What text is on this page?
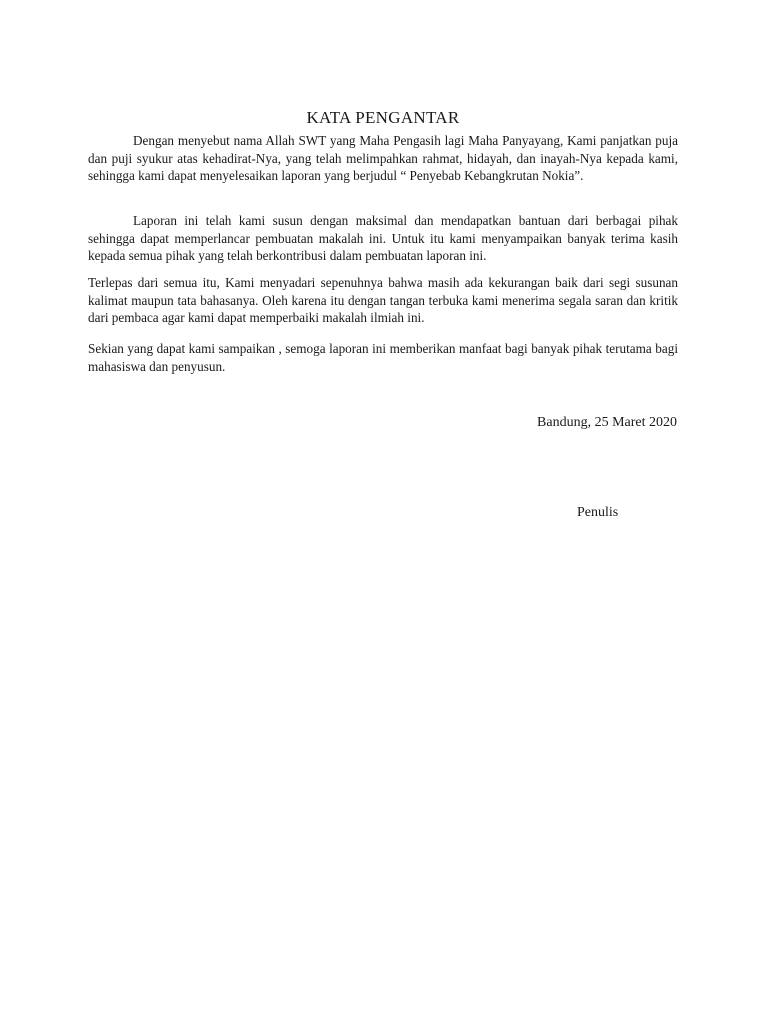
KATA PENGANTAR

Dengan menyebut nama Allah SWT yang Maha Pengasih lagi Maha Panyayang, Kami panjatkan puja dan puji syukur atas kehadirat-Nya, yang telah melimpahkan rahmat, hidayah, dan inayah-Nya kepada kami, sehingga kami dapat menyelesaikan laporan yang berjudul “ Penyebab Kebangkrutan Nokia”.

Laporan ini telah kami susun dengan maksimal dan mendapatkan bantuan dari berbagai pihak sehingga dapat memperlancar pembuatan makalah ini. Untuk itu kami menyampaikan banyak terima kasih kepada semua pihak yang telah berkontribusi dalam pembuatan laporan ini.

Terlepas dari semua itu, Kami menyadari sepenuhnya bahwa masih ada kekurangan baik dari segi susunan kalimat maupun tata bahasanya. Oleh karena itu dengan tangan terbuka kami menerima segala saran dan kritik dari pembaca agar kami dapat memperbaiki makalah ilmiah ini.

Sekian yang dapat kami sampaikan , semoga laporan ini memberikan manfaat bagi banyak pihak terutama bagi mahasiswa dan penyusun.

Bandung, 25 Maret 2020

Penulis
